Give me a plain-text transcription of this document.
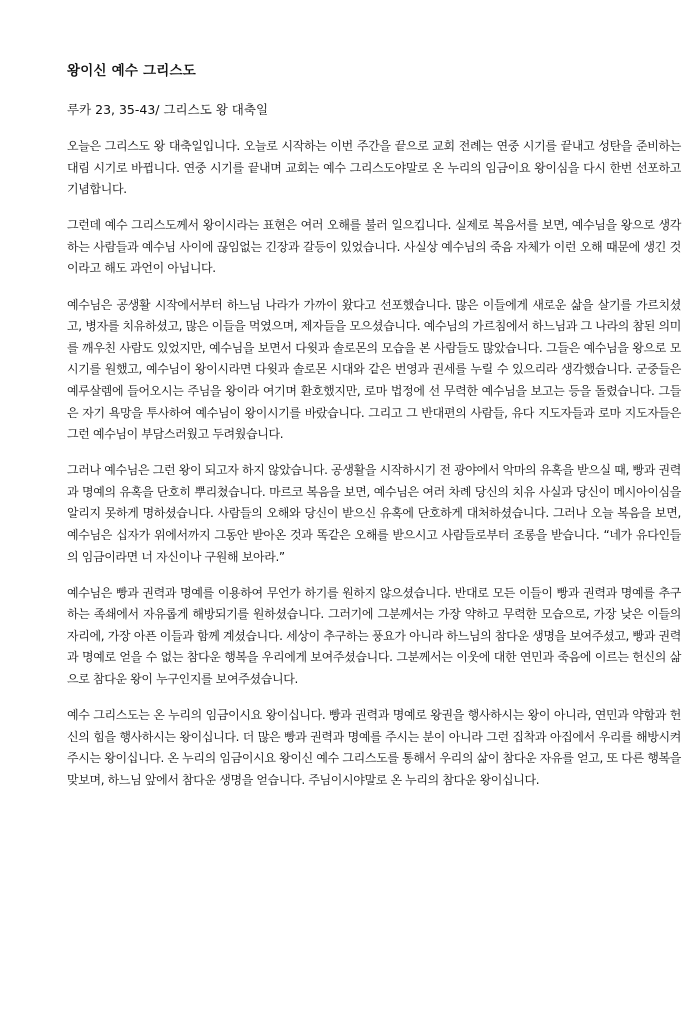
왕이신 예수 그리스도
루카 23, 35-43/ 그리스도 왕 대축일

오늘은 그리스도 왕 대축일입니다. 오늘로 시작하는 이번 주간을 끝으로 교회 전례는 연중 시기를 끝내고 성탄을 준비하는 대림 시기로 바뀝니다. 연중 시기를 끝내며 교회는 예수 그리스도야말로 온 누리의 임금이요 왕이심을 다시 한번 선포하고 기념합니다.

그런데 예수 그리스도께서 왕이시라는 표현은 여러 오해를 불러 일으킵니다. 실제로 복음서를 보면, 예수님을 왕으로 생각하는 사람들과 예수님 사이에 끊임없는 긴장과 갈등이 있었습니다. 사실상 예수님의 죽음 자체가 이런 오해 때문에 생긴 것이라고 해도 과언이 아닙니다.

예수님은 공생활 시작에서부터 하느님 나라가 가까이 왔다고 선포했습니다. 많은 이들에게 새로운 삶을 살기를 가르치셨고, 병자를 치유하셨고, 많은 이들을 먹였으며, 제자들을 모으셨습니다. 예수님의 가르침에서 하느님과 그 나라의 참된 의미를 깨우친 사람도 있었지만, 예수님을 보면서 다윗과 솔로몬의 모습을 본 사람들도 많았습니다. 그들은 예수님을 왕으로 모시기를 원했고, 예수님이 왕이시라면 다윗과 솔로몬 시대와 같은 번영과 권세를 누릴 수 있으리라 생각했습니다. 군중들은 예루살렘에 들어오시는 주님을 왕이라 여기며 환호했지만, 로마 법정에 선 무력한 예수님을 보고는 등을 돌렸습니다. 그들은 자기 욕망을 투사하여 예수님이 왕이시기를 바랐습니다. 그리고 그 반대편의 사람들, 유다 지도자들과 로마 지도자들은 그런 예수님이 부담스러웠고 두려웠습니다.

그러나 예수님은 그런 왕이 되고자 하지 않았습니다. 공생활을 시작하시기 전 광야에서 악마의 유혹을 받으실 때, 빵과 권력과 명예의 유혹을 단호히 뿌리쳤습니다. 마르코 복음을 보면, 예수님은 여러 차례 당신의 치유 사실과 당신이 메시아이심을 알리지 못하게 명하셨습니다. 사람들의 오해와 당신이 받으신 유혹에 단호하게 대처하셨습니다. 그러나 오늘 복음을 보면, 예수님은 십자가 위에서까지 그동안 받아온 것과 똑같은 오해를 받으시고 사람들로부터 조롱을 받습니다. “네가 유다인들의 임금이라면 너 자신이나 구원해 보아라.”

예수님은 빵과 권력과 명예를 이용하여 무언가 하기를 원하지 않으셨습니다. 반대로 모든 이들이 빵과 권력과 명예를 추구하는 족쇄에서 자유롭게 해방되기를 원하셨습니다. 그러기에 그분께서는 가장 약하고 무력한 모습으로, 가장 낮은 이들의 자리에, 가장 아픈 이들과 함께 계셨습니다. 세상이 추구하는 풍요가 아니라 하느님의 참다운 생명을 보여주셨고, 빵과 권력과 명예로 얻을 수 없는 참다운 행복을 우리에게 보여주셨습니다. 그분께서는 이웃에 대한 연민과 죽음에 이르는 헌신의 삶으로 참다운 왕이 누구인지를 보여주셨습니다.

예수 그리스도는 온 누리의 임금이시요 왕이십니다. 빵과 권력과 명예로 왕권을 행사하시는 왕이 아니라, 연민과 약함과 헌신의 힘을 행사하시는 왕이십니다. 더 많은 빵과 권력과 명예를 주시는 분이 아니라 그런 집착과 아집에서 우리를 해방시켜 주시는 왕이십니다. 온 누리의 임금이시요 왕이신 예수 그리스도를 통해서 우리의 삶이 참다운 자유를 얻고, 또 다른 행복을 맞보며, 하느님 앞에서 참다운 생명을 얻습니다. 주님이시야말로 온 누리의 참다운 왕이십니다.
